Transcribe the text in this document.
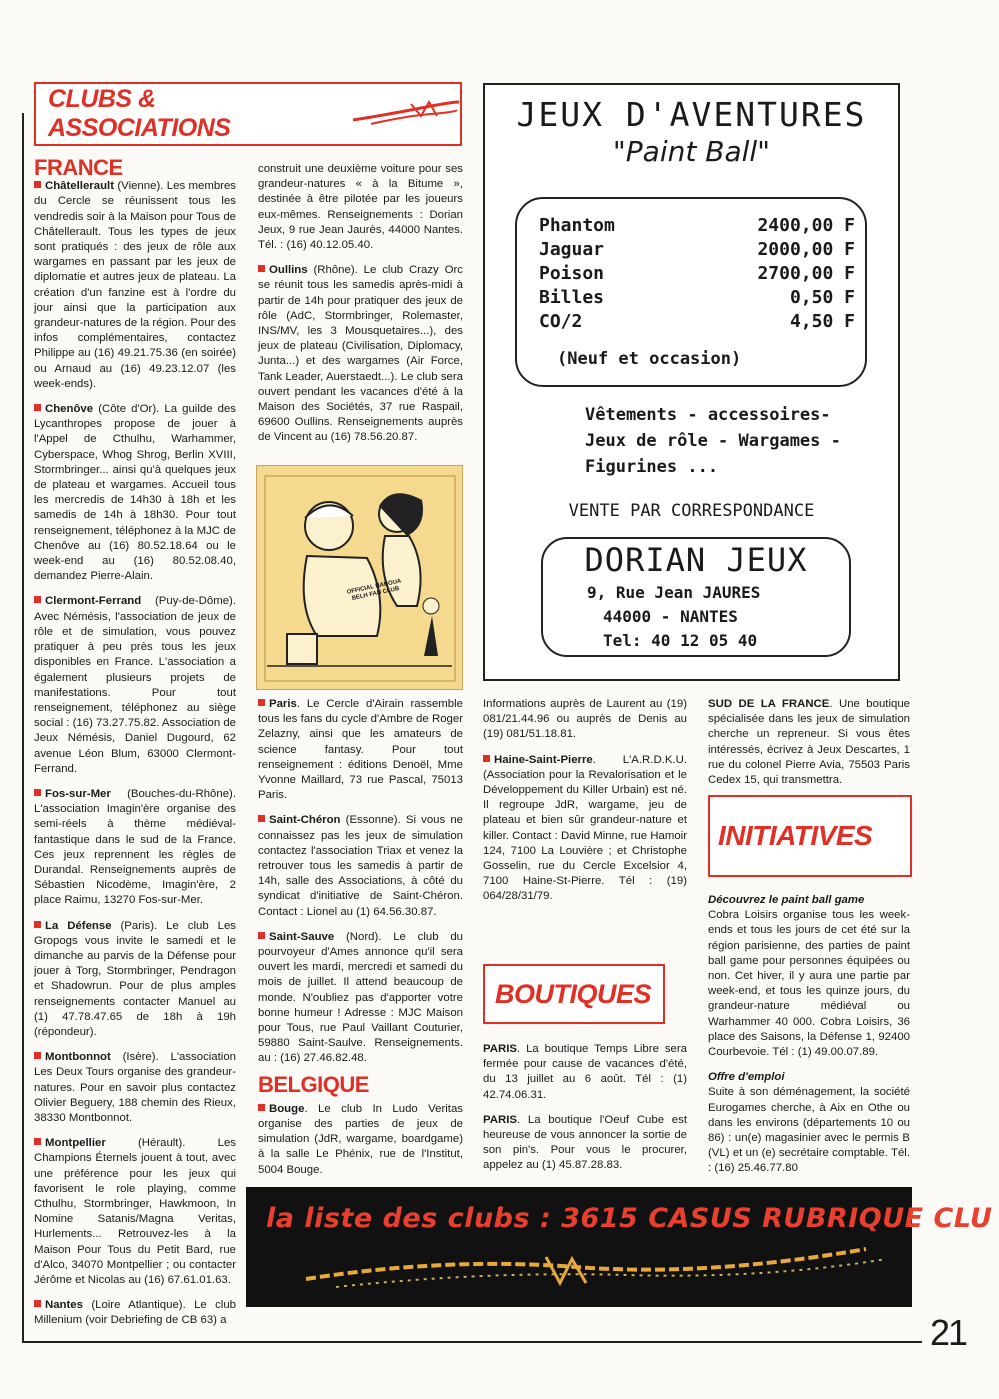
CLUBS & ASSOCIATIONS
FRANCE

Châtellerault (Vienne). Les membres du Cercle se réunissent tous les vendredis soir à la Maison pour Tous de Châtellerault. Tous les types de jeux sont pratiqués : des jeux de rôle aux wargames en passant par les jeux de diplomatie et autres jeux de plateau. La création d'un fanzine est à l'ordre du jour ainsi que la participation aux grandeur-natures de la région. Pour des infos complémentaires, contactez Philippe au (16) 49.21.75.36 (en soirée) ou Arnaud au (16) 49.23.12.07 (les week-ends).

Chenôve (Côte d'Or). La guilde des Lycanthropes propose de jouer à l'Appel de Cthulhu, Warhammer, Cyberspace, Whog Shrog, Berlin XVIII, Stormbringer... ainsi qu'à quelques jeux de plateau et wargames. Accueil tous les mercredis de 14h30 à 18h et les samedis de 14h à 18h30. Pour tout renseignement, téléphonez à la MJC de Chenôve au (16) 80.52.18.64 ou le week-end au (16) 80.52.08.40, demandez Pierre-Alain.

Clermont-Ferrand (Puy-de-Dôme). Avec Némésis, l'association de jeux de rôle et de simulation, vous pouvez pratiquer à peu près tous les jeux disponibles en France. L'association a également plusieurs projets de manifestations. Pour tout renseignement, téléphonez au siège social : (16) 73.27.75.82. Association de Jeux Némésis, Daniel Dugourd, 62 avenue Léon Blum, 63000 Clermont-Ferrand.

Fos-sur-Mer (Bouches-du-Rhône). L'association Imagin'ère organise des semi-réels à thème médiéval-fantastique dans le sud de la France. Ces jeux reprennent les règles de Durandal. Renseignements auprès de Sébastien Nicodème, Imagin'ère, 2 place Raimu, 13270 Fos-sur-Mer.

La Défense (Paris). Le club Les Gropogs vous invite le samedi et le dimanche au parvis de la Défense pour jouer à Torg, Stormbringer, Pendragon et Shadowrun. Pour de plus amples renseignements contacter Manuel au (1) 47.78.47.65 de 18h à 19h (répondeur).

Montbonnot (Isère). L'association Les Deux Tours organise des grandeur-natures. Pour en savoir plus contactez Olivier Beguery, 188 chemin des Rieux, 38330 Montbonnot.

Montpellier (Hérault). Les Champions Éternels jouent à tout, avec une préférence pour les jeux qui favorisent le role playing, comme Cthulhu, Stormbringer, Hawkmoon, In Nomine Satanis/Magna Veritas, Hurlements... Retrouvez-les à la Maison Pour Tous du Petit Bard, rue d'Alco, 34070 Montpellier ; ou contacter Jérôme et Nicolas au (16) 67.61.01.63.

Nantes (Loire Atlantique). Le club Millenium (voir Debriefing de CB 63) a

construit une deuxième voiture pour ses grandeur-natures « à la Bitume », destinée à être pilotée par les joueurs eux-mêmes. Renseignements : Dorian Jeux, 9 rue Jean Jaurès, 44000 Nantes. Tél. : (16) 40.12.05.40.

Oullins (Rhône). Le club Crazy Orc se réunit tous les samedis après-midi à partir de 14h pour pratiquer des jeux de rôle (AdC, Stormbringer, Rolemaster, INS/MV, les 3 Mousquetaires...), des jeux de plateau (Civilisation, Diplomacy, Junta...) et des wargames (Air Force, Tank Leader, Auerstaedt...). Le club sera ouvert pendant les vacances d'été à la Maison des Sociétés, 37 rue Raspail, 69600 Oullins. Renseignements auprès de Vincent au (16) 78.56.20.87.

OFFICIAL NABOUA BELH FAN CLUB

Paris. Le Cercle d'Airain rassemble tous les fans du cycle d'Ambre de Roger Zelazny, ainsi que les amateurs de science fantasy. Pour tout renseignement : éditions Denoël, Mme Yvonne Maillard, 73 rue Pascal, 75013 Paris.

Saint-Chéron (Essonne). Si vous ne connaissez pas les jeux de simulation contactez l'association Triax et venez la retrouver tous les samedis à partir de 14h, salle des Associations, à côté du syndicat d'initiative de Saint-Chéron. Contact : Lionel au (1) 64.56.30.87.

Saint-Sauve (Nord). Le club du pourvoyeur d'Ames annonce qu'il sera ouvert les mardi, mercredi et samedi du mois de juillet. Il attend beaucoup de monde. N'oubliez pas d'apporter votre bonne humeur ! Adresse : MJC Maison pour Tous, rue Paul Vaillant Couturier, 59880 Saint-Saulve. Renseignements. au : (16) 27.46.82.48.

BELGIQUE

Bouge. Le club In Ludo Veritas organise des parties de jeux de simulation (JdR, wargame, boardgame) à la salle Le Phénix, rue de l'Institut, 5004 Bouge.

Informations auprès de Laurent au (19) 081/21.44.96 ou auprès de Denis au (19) 081/51.18.81.

Haine-Saint-Pierre. L'A.R.D.K.U. (Association pour la Revalorisation et le Développement du Killer Urbain) est né. Il regroupe JdR, wargame, jeu de plateau et bien sûr grandeur-nature et killer. Contact : David Minne, rue Hamoir 124, 7100 La Louvière ; et Christophe Gosselin, rue du Cercle Excelsior 4, 7100 Haine-St-Pierre. Tél : (19) 064/28/31/79.

BOUTIQUES

PARIS. La boutique Temps Libre sera fermée pour cause de vacances d'été, du 13 juillet au 6 août. Tél : (1) 42.74.06.31.

PARIS. La boutique l'Oeuf Cube est heureuse de vous annoncer la sortie de son pin's. Pour vous le procurer, appelez au (1) 45.87.28.83.

SUD DE LA FRANCE. Une boutique spécialisée dans les jeux de simulation cherche un repreneur. Si vous êtes intéressés, écrivez à Jeux Descartes, 1 rue du colonel Pierre Avia, 75503 Paris Cedex 15, qui transmettra.

INITIATIVES
Découvrez le paint ball game

Cobra Loisirs organise tous les week-ends et tous les jours de cet été sur la région parisienne, des parties de paint ball game pour personnes équipées ou non. Cet hiver, il y aura une partie par week-end, et tous les quinze jours, du grandeur-nature médiéval ou Warhammer 40 000. Cobra Loisirs, 36 place des Saisons, la Défense 1, 92400 Courbevoie. Tél : (1) 49.00.07.89.

Offre d'emploi

Suite à son déménagement, la société Eurogames cherche, à Aix en Othe ou dans les environs (départements 10 ou 86) : un(e) magasinier avec le permis B (VL) et un (e) secrétaire comptable. Tél. : (16) 25.46.77.80

JEUX D'AVENTURES
"Paint Ball"
Phantom	2400,00 F
Jaguar	2000,00 F
Poison	2700,00 F
Billes	0,50 F
CO/2	4,50 F
(Neuf et occasion)
Vêtements - accessoires-
Jeux de rôle - Wargames -
Figurines ...
VENTE PAR CORRESPONDANCE
DORIAN JEUX
9, Rue Jean JAURES
44000 - NANTES
Tel: 40 12 05 40
la liste des clubs : 3615 CASUS RUBRIQUE CLU
21
